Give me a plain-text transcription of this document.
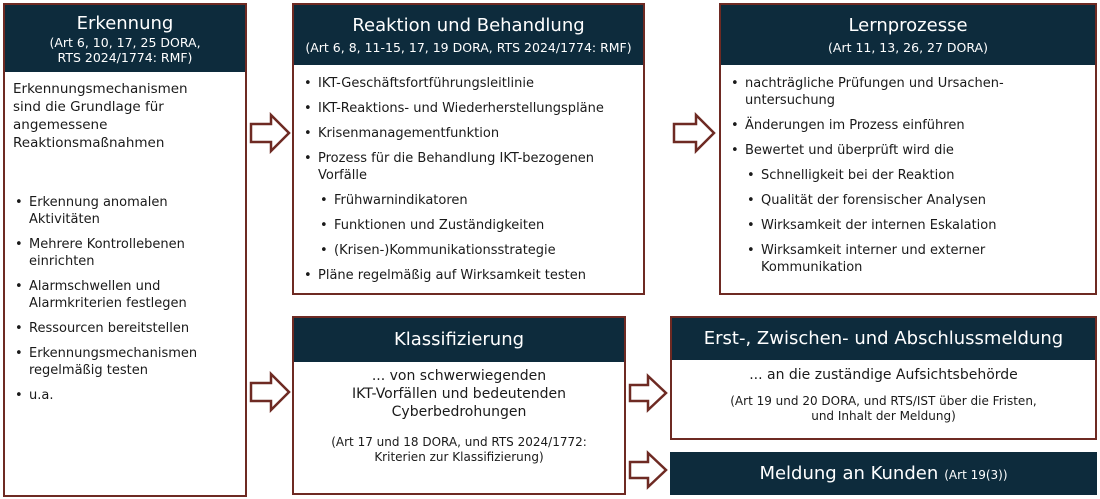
Erkennung
(Art 6, 10, 17, 25 DORA,
RTS 2024/1774: RMF)
Erkennungsmechanismen
sind die Grundlage für
angemessene
Reaktionsmaßnahmen
• Erkennung anomalen
Aktivitäten
• Mehrere Kontrollebenen
einrichten
• Alarmschwellen und
Alarmkriterien festlegen
• Ressourcen bereitstellen
• Erkennungsmechanismen
regelmäßig testen
• u.a.
Reaktion und Behandlung
(Art 6, 8, 11-15, 17, 19 DORA, RTS 2024/1774: RMF)
• IKT-Geschäftsfortführungsleitlinie
• IKT-Reaktions- und Wiederherstellungspläne
• Krisenmanagementfunktion
• Prozess für die Behandlung IKT-bezogenen
Vorfälle
• Frühwarnindikatoren
• Funktionen und Zuständigkeiten
• (Krisen-)Kommunikationsstrategie
• Pläne regelmäßig auf Wirksamkeit testen
Lernprozesse
(Art 11, 13, 26, 27 DORA)
• nachträgliche Prüfungen und Ursachen-
untersuchung
• Änderungen im Prozess einführen
• Bewertet und überprüft wird die
• Schnelligkeit bei der Reaktion
• Qualität der forensischer Analysen
• Wirksamkeit der internen Eskalation
• Wirksamkeit interner und externer
Kommunikation
Klassifizierung
... von schwerwiegenden
IKT-Vorfällen und bedeutenden
Cyberbedrohungen
(Art 17 und 18 DORA, und RTS 2024/1772:
Kriterien zur Klassifizierung)
Erst-, Zwischen- und Abschlussmeldung
... an die zuständige Aufsichtsbehörde
(Art 19 und 20 DORA, und RTS/IST über die Fristen,
und Inhalt der Meldung)
Meldung an Kunden (Art 19(3))
